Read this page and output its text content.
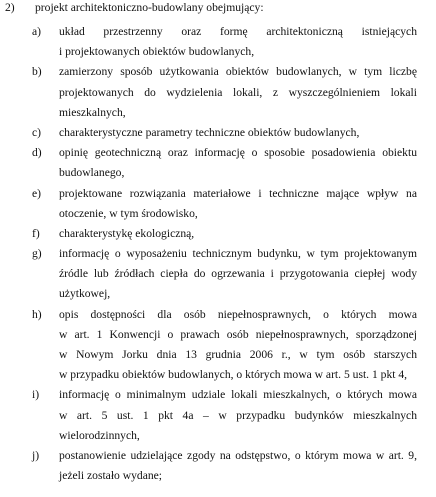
2) projekt architektoniczno-budowlany obejmujący:
a)	układ przestrzenny oraz formę architektoniczną istniejących
i projektowanych obiektów budowlanych,
b)	zamierzony sposób użytkowania obiektów budowlanych, w tym liczbę
projektowanych do wydzielenia lokali, z wyszczególnieniem lokali
mieszkalnych,
c)	charakterystyczne parametry techniczne obiektów budowlanych,
d)	opinię geotechniczną oraz informację o sposobie posadowienia obiektu
budowlanego,
e)	projektowane rozwiązania materiałowe i techniczne mające wpływ na
otoczenie, w tym środowisko,
f)	charakterystykę ekologiczną,
g)	informację o wyposażeniu technicznym budynku, w tym projektowanym
źródle lub źródłach ciepła do ogrzewania i przygotowania ciepłej wody
użytkowej,
h)	opis dostępności dla osób niepełnosprawnych, o których mowa
w art. 1 Konwencji o prawach osób niepełnosprawnych, sporządzonej
w Nowym Jorku dnia 13 grudnia 2006 r., w tym osób starszych
w przypadku obiektów budowlanych, o których mowa w art. 5 ust. 1 pkt 4,
i)	informację o minimalnym udziale lokali mieszkalnych, o których mowa
w art. 5 ust. 1 pkt 4a – w przypadku budynków mieszkalnych
wielorodzinnych,
j)	postanowienie udzielające zgody na odstępstwo, o którym mowa w art. 9,
jeżeli zostało wydane;
